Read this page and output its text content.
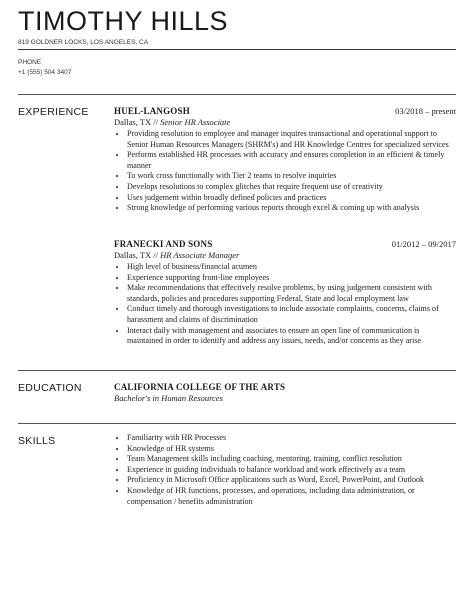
TIMOTHY HILLS
819 GOLDNER LOCKS, LOS ANGELES, CA
PHONE
+1 (555) 504 3407
EXPERIENCE	HUEL-LANGOSH	03/2018 – present
Dallas, TX // Senior HR Associate
• Providing resolution to employee and manager inquires transactional and operational support to Senior Human Resources Managers (SHRM's) and HR Knowledge Centres for specialized services
• Performs established HR processes with accuracy and ensures completion in an efficient & timely manner
• To work cross functionally with Tier 2 teams to resolve inquiries
• Develops resolutions to complex glitches that require frequent use of creativity
• Uses judgement within broadly defined policies and practices
• Strong knowledge of performing various reports through excel & coming up with analysis
FRANECKI AND SONS	01/2012 – 09/2017
Dallas, TX // HR Associate Manager
• High level of business/financial acumen
• Experience supporting front-line employees
• Make recommendations that effectively resolve problems, by using judgement consistent with standards, policies and procedures supporting Federal, State and local employment law
• Conduct timely and thorough investigations to include associate complaints, concerns, claims of harassment and claims of discrimination
• Interact daily with management and associates to ensure an open line of communication is maintained in order to identify and address any issues, needs, and/or concerns as they arise
EDUCATION	CALIFORNIA COLLEGE OF THE ARTS
Bachelor's in Human Resources
SKILLS
•	Familiarity with HR Processes
• Knowledge of HR systems
• Team Management skills including coaching, mentoring, training, conflict resolution
• Experience in guiding individuals to balance workload and work effectively as a team
• Proficiency in Microsoft Office applications such as Word, Excel, PowerPoint, and Outlook
• Knowledge of HR functions, processes, and operations, including data administration, or compensation / benefits administration
